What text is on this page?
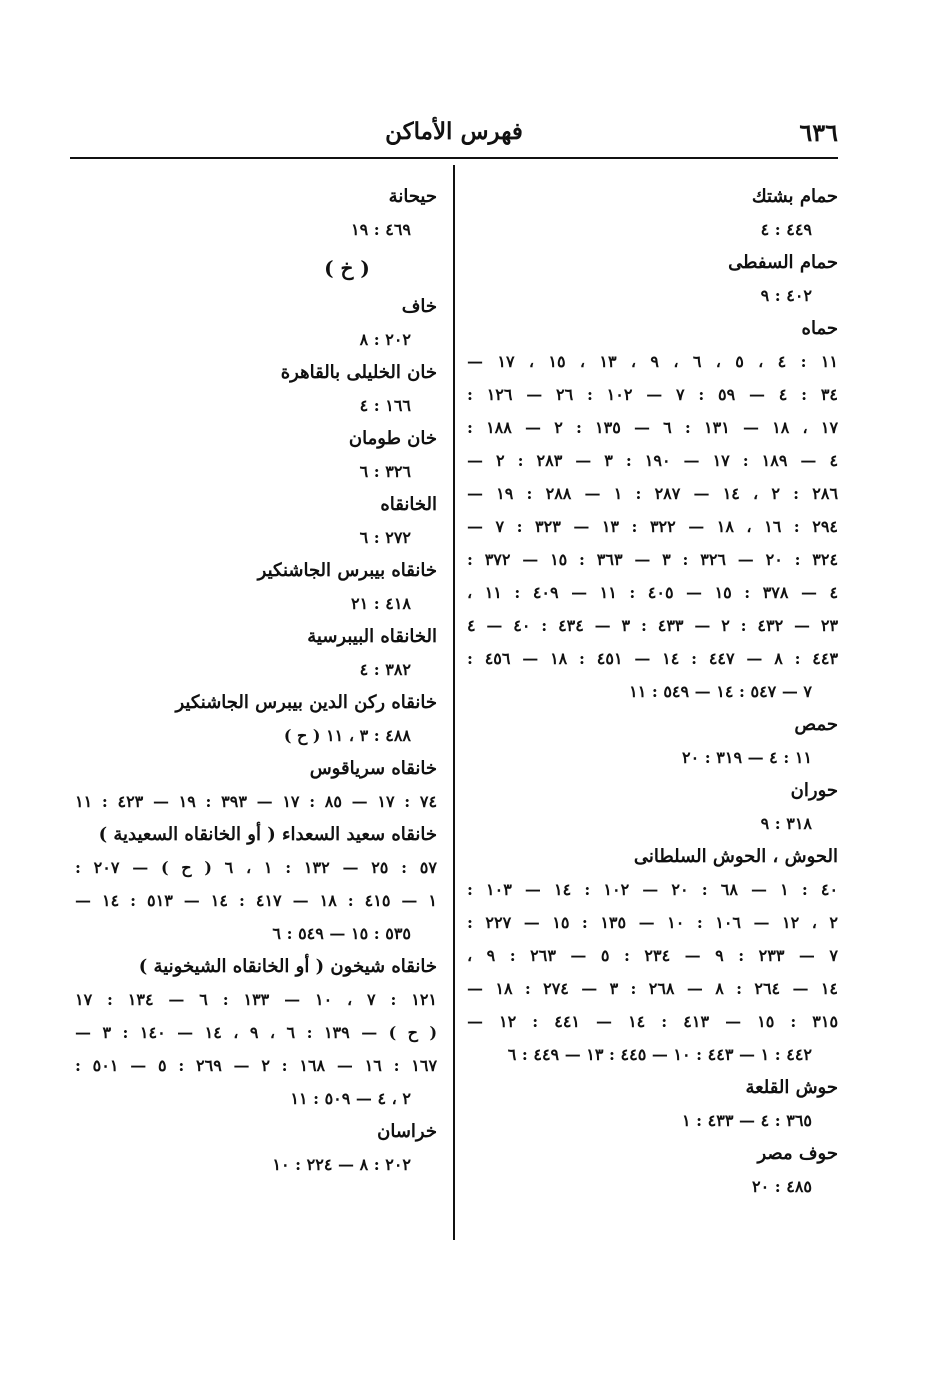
٦٣٦
فهرس الأماكن
حمام بشتك
٤٤٩ : ٤
حمام السفطى
٤٠٢ : ٩
حماه
١١ : ٤ ، ٥ ، ٦ ، ٩ ، ١٣ ، ١٥ ، ١٧ —
٣٤ : ٤ — ٥٩ : ٧ — ١٠٢ : ٢٦ — ١٢٦ :
١٧ ، ١٨ — ١٣١ : ٦ — ١٣٥ : ٢ — ١٨٨ :
٤ — ١٨٩ : ١٧ — ١٩٠ : ٣ — ٢٨٣ : ٢ —
٢٨٦ : ٢ ، ١٤ — ٢٨٧ : ١ — ٢٨٨ : ١٩ —
٢٩٤ : ١٦ ، ١٨ — ٣٢٢ : ١٣ — ٣٢٣ : ٧ —
٣٢٤ : ٢٠ — ٣٢٦ : ٣ — ٣٦٣ : ١٥ — ٣٧٢ :
٤ — ٣٧٨ : ١٥ — ٤٠٥ : ١١ — ٤٠٩ : ١١ ،
٢٣ — ٤٣٢ : ٢ — ٤٣٣ : ٣ — ٤٣٤ : ٤٠ — ٤
٤٤٣ : ٨ — ٤٤٧ : ١٤ — ٤٥١ : ١٨ — ٤٥٦ :
٧ — ٥٤٧ : ١٤ — ٥٤٩ : ١١
حمص
١١ : ٤ — ٣١٩ : ٢٠
حوران
٣١٨ : ٩
الحوش ، الحوش السلطانى
٤٠ : ١ — ٦٨ : ٢٠ — ١٠٢ : ١٤ — ١٠٣ :
٢ ، ١٢ — ١٠٦ : ١٠ — ١٣٥ : ١٥ — ٢٢٧ :
٧ — ٢٣٣ : ٩ — ٢٣٤ : ٥ — ٢٦٣ : ٩ ،
١٤ — ٢٦٤ : ٨ — ٢٦٨ : ٣ — ٢٧٤ : ١٨ —
٣١٥ : ١٥ — ٤١٣ : ١٤ — ٤٤١ : ١٢ —
٤٤٢ : ١ — ٤٤٣ : ١٠ — ٤٤٥ : ١٣ — ٤٤٩ : ٦
حوش القلعة
٣٦٥ : ٤ — ٤٣٣ : ١
حوف مصر
٤٨٥ : ٢٠
حيحانة
٤٦٩ : ١٩
( خ )
خاف
٢٠٢ : ٨
خان الخليلى بالقاهرة
١٦٦ : ٤
خان طومان
٣٢٦ : ٦
الخانقاه
٢٧٢ : ٦
خانقاه بيبرس الجاشنكير
٤١٨ : ٢١
الخانقاه البيبرسية
٣٨٢ : ٤
خانقاه ركن الدين بيبرس الجاشنكير
٤٨٨ : ٣ ، ١١ ( ح )
خانقاه سرياقوس
٧٤ : ١٧ — ٨٥ : ١٧ — ٣٩٣ : ١٩ — ٤٢٣ : ١١
خانقاه سعيد السعداء ( أو الخانقاه السعيدية )
٥٧ : ٢٥ — ١٣٢ : ١ ، ٦ ( ح ) — ٢٠٧ :
١ — ٤١٥ : ١٨ — ٤١٧ : ١٤ — ٥١٣ : ١٤ —
٥٣٥ : ١٥ — ٥٤٩ : ٦
خانقاه شيخون ( أو الخانقاه الشيخونية )
١٢١ : ٧ ، ١٠ — ١٣٣ : ٦ — ١٣٤ : ١٧
( ح ) — ١٣٩ : ٦ ، ٩ ، ١٤ — ١٤٠ : ٣ —
١٦٧ : ١٦ — ١٦٨ : ٢ — ٢٦٩ : ٥ — ٥٠١ :
٢ ، ٤ — ٥٠٩ : ١١
خراسان
٢٠٢ : ٨ — ٢٢٤ : ١٠
